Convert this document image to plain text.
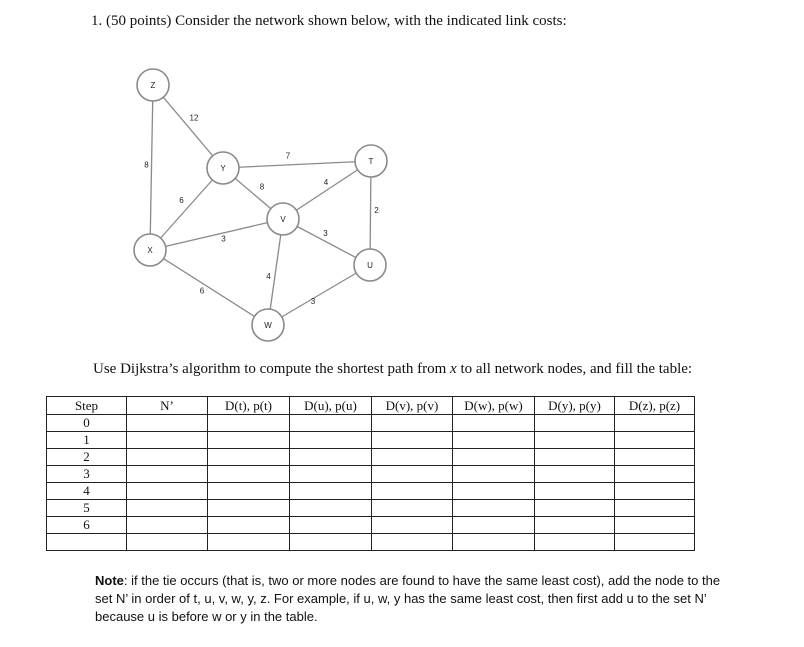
1. (50 points) Consider the network shown below, with the indicated link costs:
12
8
7
6
8	4
2
3
3
6
4
3
Z
Y
T
V
X
U
W
Use Dijkstra’s algorithm to compute the shortest path from x to all network nodes, and fill the table:
Step	N’	D(t), p(t)	D(u), p(u)	D(v), p(v)	D(w), p(w)	D(y), p(y)	D(z), p(z)
0							
1							
2							
3							
4							
5							
6							

Note: if the tie occurs (that is, two or more nodes are found to have the same least cost), add the node to the set N’ in order of t, u, v, w, y, z. For example, if u, w, y has the same least cost, then first add u to the set N’ because u is before w or y in the table.
